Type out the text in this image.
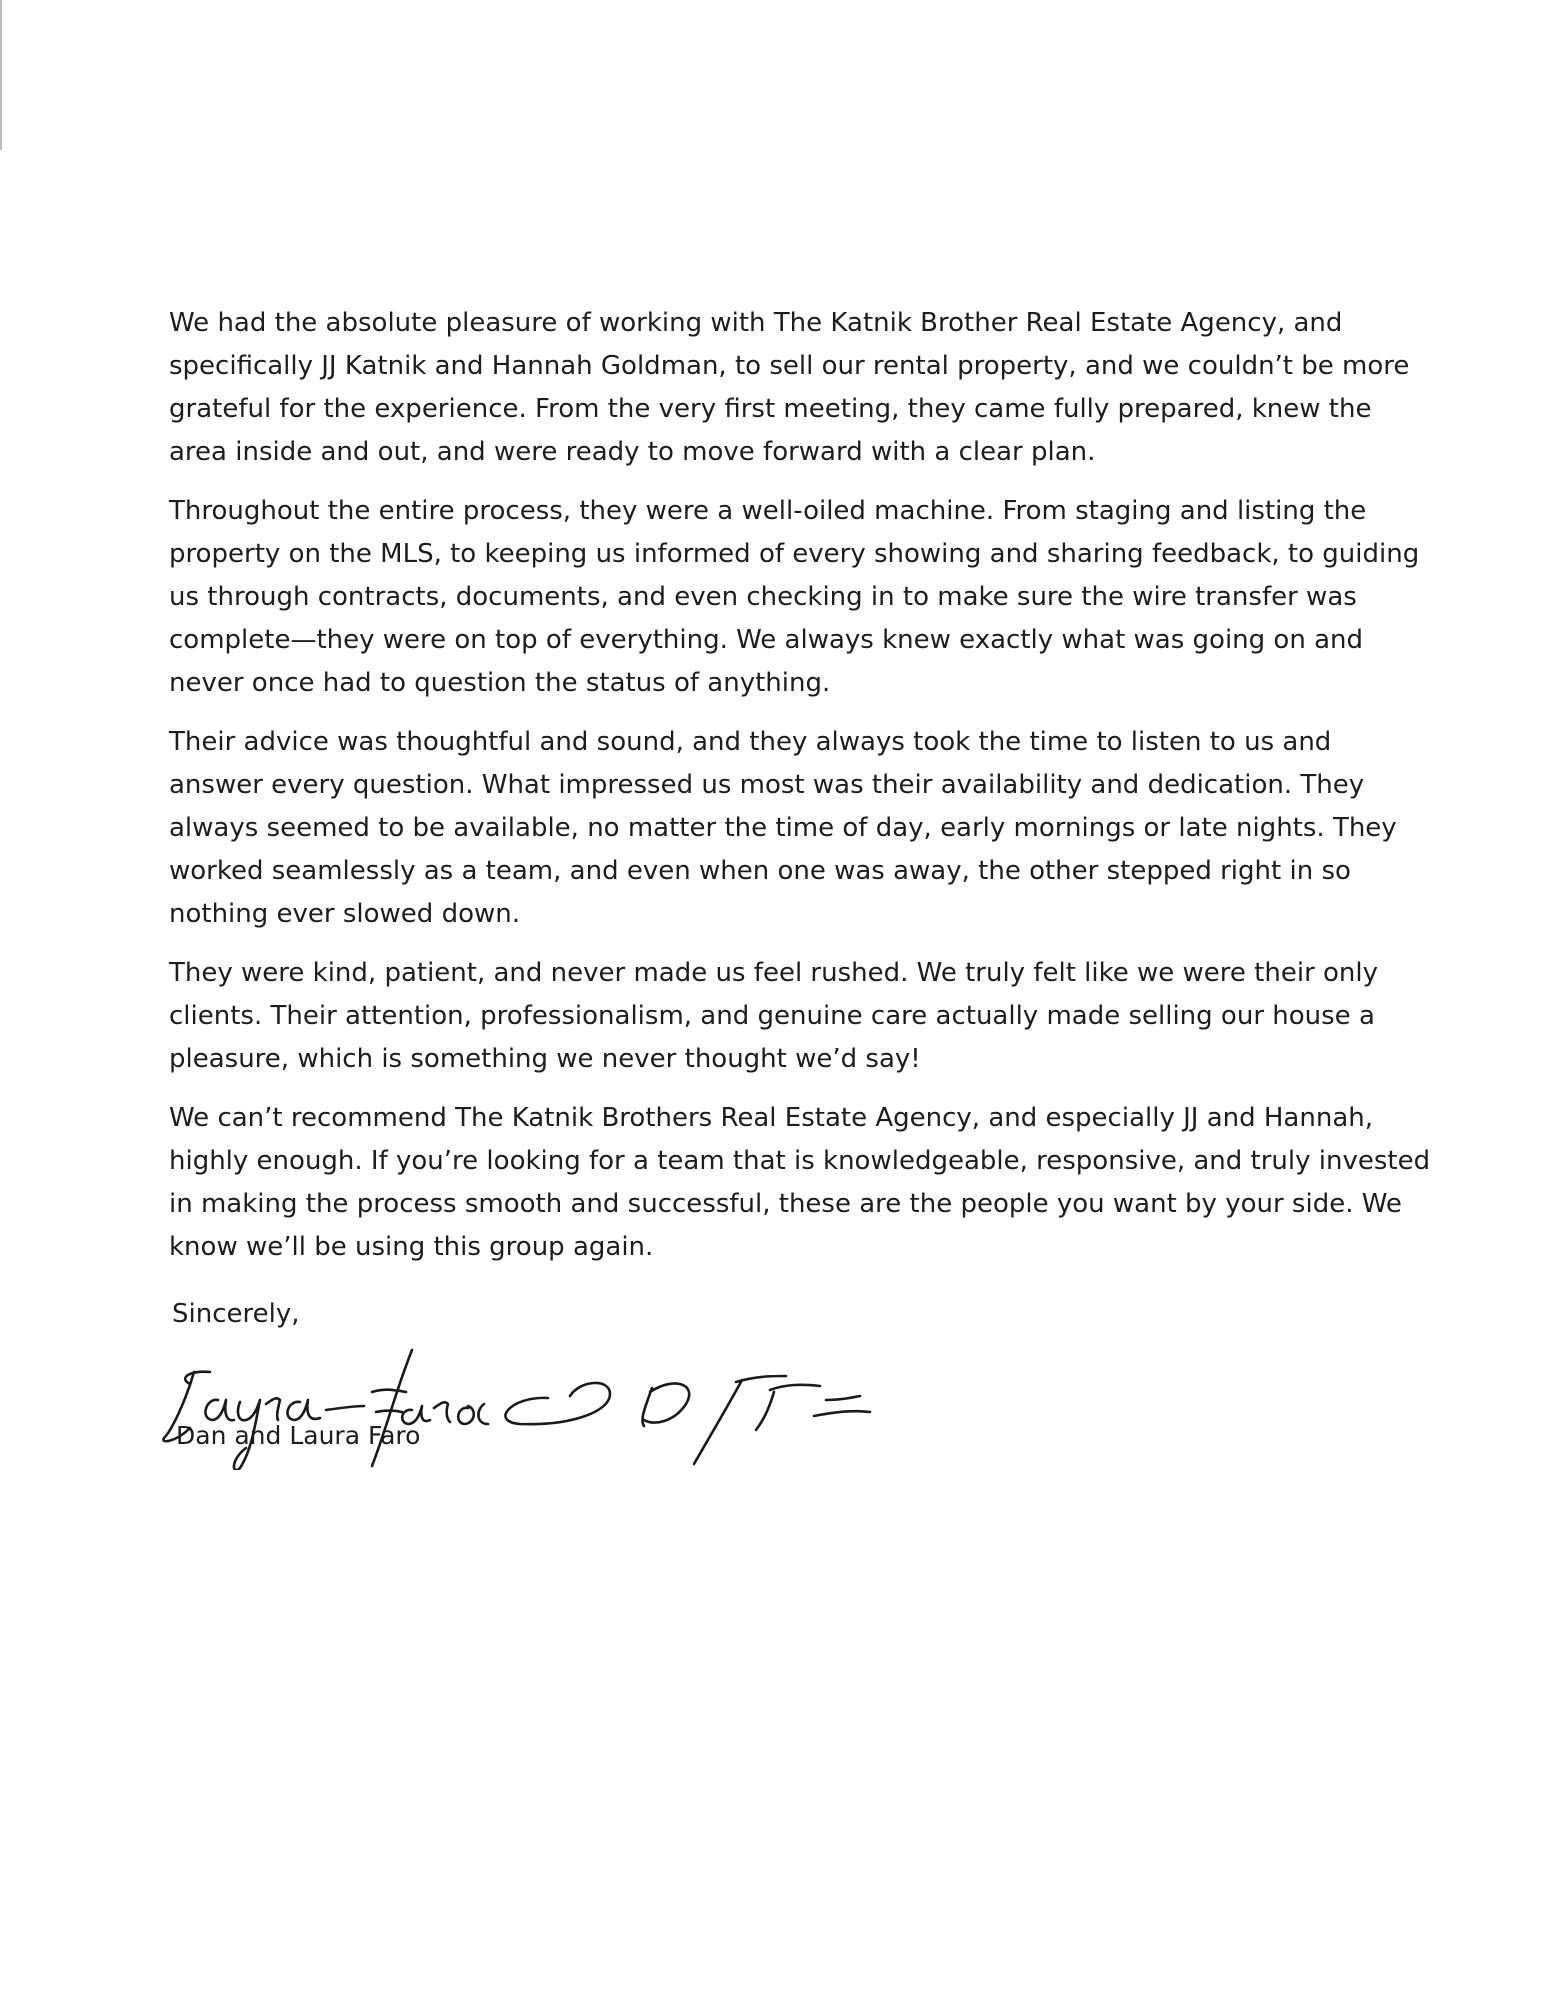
We had the absolute pleasure of working with The Katnik Brother Real Estate Agency, and
specifically JJ Katnik and Hannah Goldman, to sell our rental property, and we couldn’t be more
grateful for the experience. From the very first meeting, they came fully prepared, knew the
area inside and out, and were ready to move forward with a clear plan.

Throughout the entire process, they were a well-oiled machine. From staging and listing the
property on the MLS, to keeping us informed of every showing and sharing feedback, to guiding
us through contracts, documents, and even checking in to make sure the wire transfer was
complete—they were on top of everything. We always knew exactly what was going on and
never once had to question the status of anything.

Their advice was thoughtful and sound, and they always took the time to listen to us and
answer every question. What impressed us most was their availability and dedication. They
always seemed to be available, no matter the time of day, early mornings or late nights. They
worked seamlessly as a team, and even when one was away, the other stepped right in so
nothing ever slowed down.

They were kind, patient, and never made us feel rushed. We truly felt like we were their only
clients. Their attention, professionalism, and genuine care actually made selling our house a
pleasure, which is something we never thought we’d say!

We can’t recommend The Katnik Brothers Real Estate Agency, and especially JJ and Hannah,
highly enough. If you’re looking for a team that is knowledgeable, responsive, and truly invested
in making the process smooth and successful, these are the people you want by your side. We
know we’ll be using this group again.

Sincerely,

Dan and Laura Faro
